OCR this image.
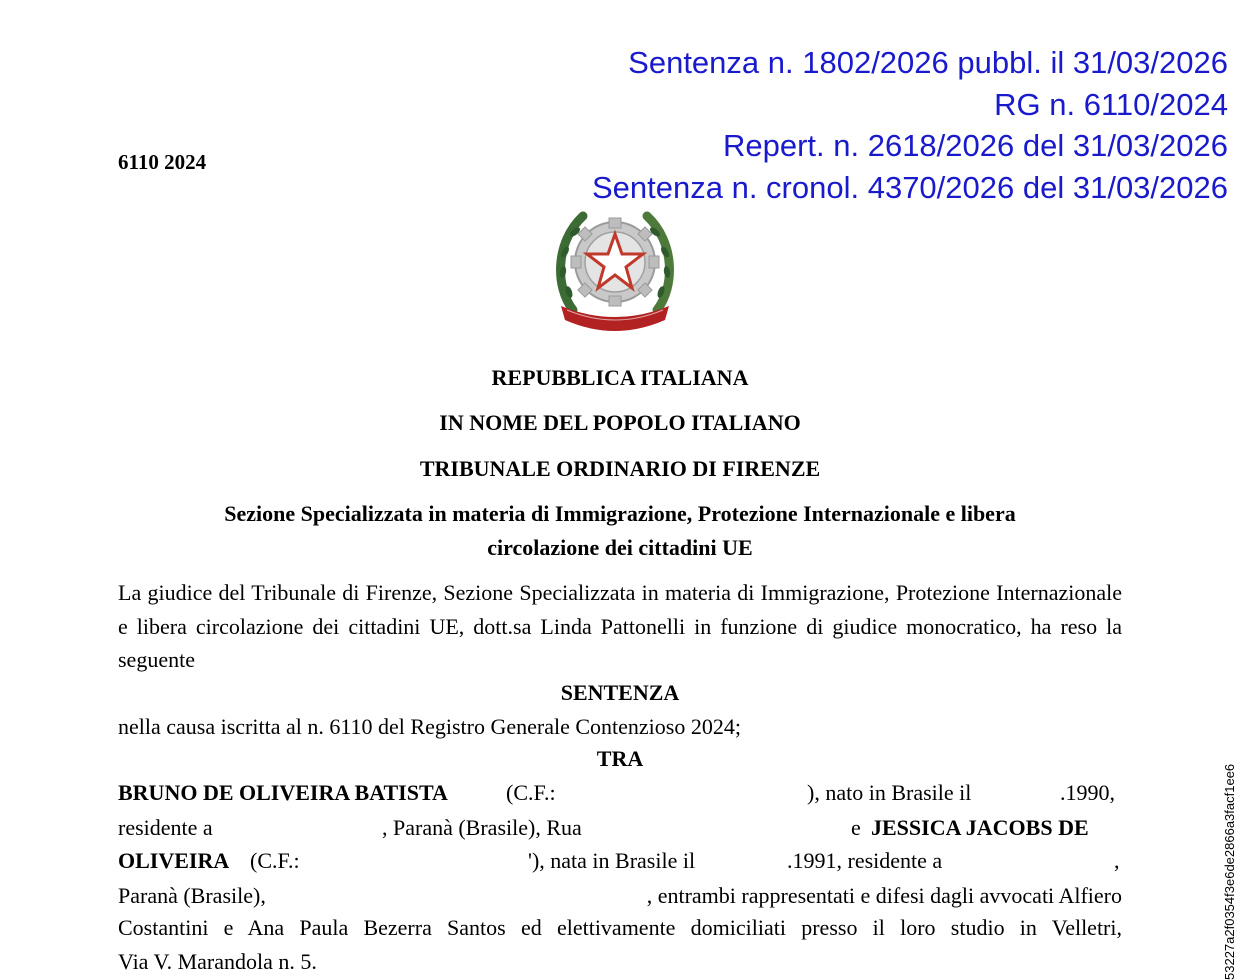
Sentenza n. 1802/2026 pubbl. il 31/03/2026
RG n. 6110/2024
Repert. n. 2618/2026 del 31/03/2026
Sentenza n. cronol. 4370/2026 del 31/03/2026
6110 2024
REPUBBLICA ITALIANA
IN NOME DEL POPOLO ITALIANO
TRIBUNALE ORDINARIO DI FIRENZE
Sezione Specializzata in materia di Immigrazione, Protezione Internazionale e libera
circolazione dei cittadini UE
La giudice del Tribunale di Firenze, Sezione Specializzata in materia di Immigrazione, Protezione Internazionale e libera circolazione dei cittadini UE, dott.sa Linda Pattonelli in funzione di giudice monocratico, ha reso la seguente
SENTENZA
nella causa iscritta al n. 6110 del Registro Generale Contenzioso 2024;
TRA
BRUNO DE OLIVEIRA BATISTA	(C.F.:	), nato in Brasile il	.1990,
residente a	, Paranà (Brasile), Rua	e JESSICA JACOBS DE
OLIVEIRA (C.F.:	'), nata in Brasile il	.1991, residente a	,
Paranà (Brasile),	, entrambi rappresentati e difesi dagli avvocati Alfiero
Costantini e Ana Paula Bezerra Santos ed elettivamente domiciliati presso il loro studio in Velletri,
Via V. Marandola n. 5.	53227a2f0354f3e6de2866a3facf1ee6
